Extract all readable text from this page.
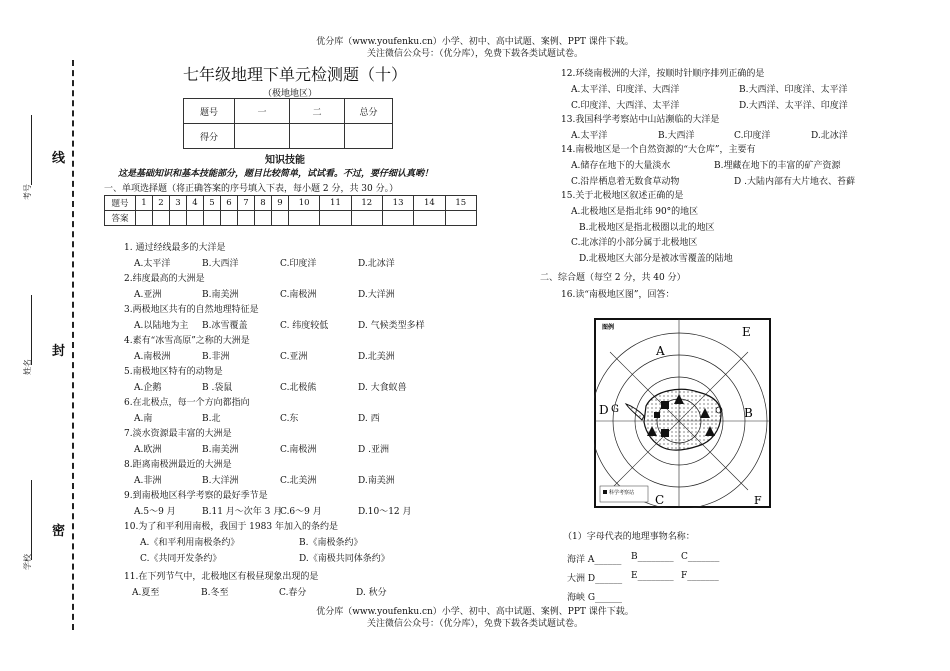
优分库（www.youfenku.cn）小学、初中、高中试题、案例、PPT 课件下载。
关注微信公众号：（优分库），免费下载各类试题试卷。
线
封
密
考号
姓名
学校
七年级地理下单元检测题（十）
（极地地区）
题号	一	二	总分
得分			
知识技能
这是基础知识和基本技能部分，题目比较简单，试试看。不过，要仔细认真哟！
一、单项选择题（将正确答案的序号填入下表，每小题 2 分，共 30 分。）
题号	1	2	3	4	5	6	7	8	9	10	11	12	13	14	15
答案															
1. 通过经线最多的大洋是
A.太平洋	B.大西洋	C.印度洋	D.北冰洋
2.纬度最高的大洲是
A.亚洲	B.南美洲	C.南极洲	D.大洋洲
3.两极地区共有的自然地理特征是
A.以陆地为主 B.冰雪覆盖	C. 纬度较低	D. 气候类型多样
4.素有“冰雪高原”之称的大洲是
A.南极洲	B.非洲	C.亚洲	D.北美洲
5.南极地区特有的动物是
A.企鹅	B .袋鼠	C.北极熊	D. 大食蚁兽
6.在北极点，每一个方向都指向
A.南	B.北	C.东	D. 西
7.淡水资源最丰富的大洲是
A.欧洲	B.南美洲	C.南极洲	D .亚洲
8.距离南极洲最近的大洲是
A.非洲	B.大洋洲	C.北美洲	D.南美洲
9.到南极地区科学考察的最好季节是
A.5～9 月	B.11 月～次年 3 月
C.6～9 月	D.10～12 月
10.为了和平利用南极，我国于 1983 年加入的条约是
A.《和平利用南极条约》	B.《南极条约》
C.《共同开发条约》	D.《南极共同体条约》
11.在下列节气中，北极地区有极昼现象出现的是
A.夏至	B.冬至	C.春分	D. 秋分
12.环绕南极洲的大洋，按顺时针顺序排列正确的是
A.太平洋、印度洋、大西洋	B.大西洋、印度洋、太平洋
C.印度洋、大西洋、太平洋	D.大西洋、太平洋、印度洋
13.我国科学考察站中山站濒临的大洋是
A.太平洋	B.大西洋	C.印度洋	D.北冰洋
14.南极地区是一个自然资源的“大仓库”，主要有
A.储存在地下的大量淡水	B.埋藏在地下的丰富的矿产资源
C.沿岸栖息着无数食草动物	D .大陆内部有大片地衣、苔藓
15.关于北极地区叙述正确的是
A.北极地区是指北纬 90°的地区
B.北极地区是指北极圈以北的地区
C.北冰洋的小部分属于北极地区
D.北极地区大部分是被冰雪覆盖的陆地
二、综合题（每空 2 分，共 40 分）
16.读“南极地区图”，回答：
图例
科学考察站
A
B
C
D
E
F
G
（1）字母代表的地理事物名称：
海洋 A______ B________ C_______
大洲 D______ E________ F_______
海峡 G______
优分库（www.youfenku.cn）小学、初中、高中试题、案例、PPT 课件下载。
关注微信公众号：（优分库），免费下载各类试题试卷。
